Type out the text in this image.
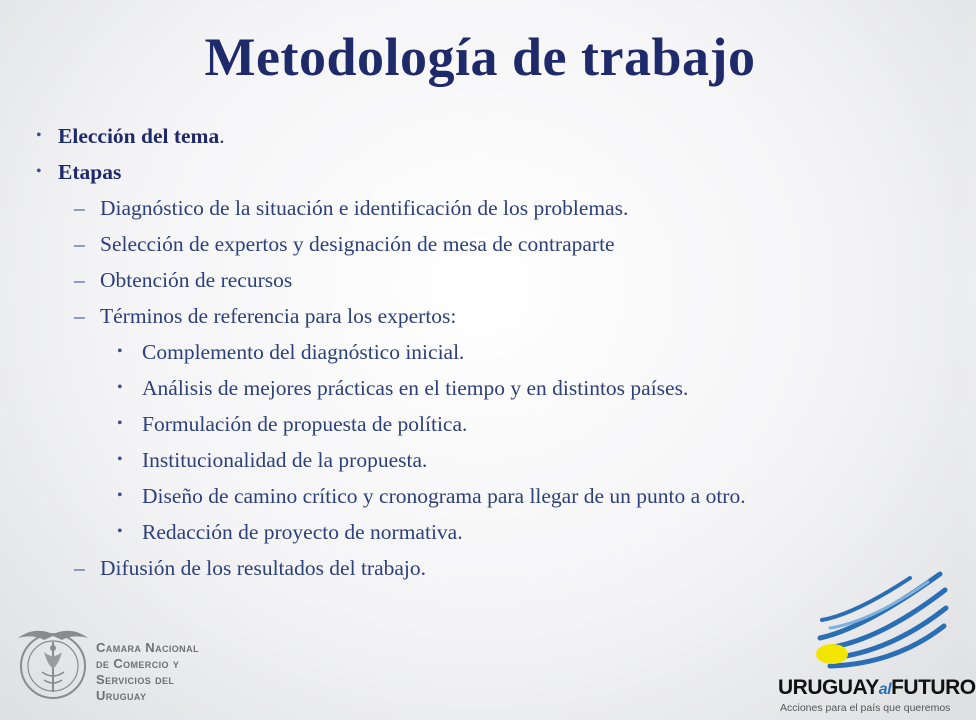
Metodología de trabajo
• Elección del tema.
• Etapas
– Diagnóstico de la situación e identificación de los problemas.
– Selección de expertos y designación de mesa de contraparte
– Obtención de recursos
– Términos de referencia para los expertos:
• Complemento del diagnóstico inicial.
• Análisis de mejores prácticas en el tiempo y en distintos países.
• Formulación de propuesta de política.
• Institucionalidad de la propuesta.
• Diseño de camino crítico y cronograma para llegar de un punto a otro.
• Redacción de proyecto de normativa.
– Difusión de los resultados del trabajo.
Camara Nacional
de Comercio y
Servicios del
Uruguay	URUGUAYalFUTURO
Acciones para el país que queremos
